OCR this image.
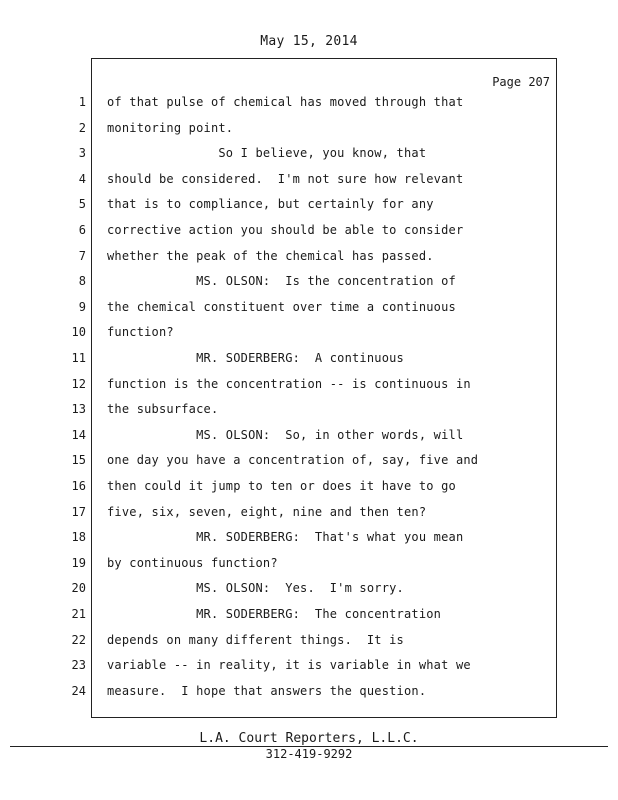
May 15, 2014
Page 207
1 of that pulse of chemical has moved through that
2 monitoring point.
3 So I believe, you know, that
4 should be considered.  I'm not sure how relevant
5 that is to compliance, but certainly for any
6 corrective action you should be able to consider
7 whether the peak of the chemical has passed.
8 MS. OLSON:  Is the concentration of
9 the chemical constituent over time a continuous
10 function?
11 MR. SODERBERG:  A continuous
12 function is the concentration -- is continuous in
13 the subsurface.
14 MS. OLSON:  So, in other words, will
15 one day you have a concentration of, say, five and
16 then could it jump to ten or does it have to go
17 five, six, seven, eight, nine and then ten?
18 MR. SODERBERG:  That's what you mean
19 by continuous function?
20 MS. OLSON:  Yes.  I'm sorry.
21 MR. SODERBERG:  The concentration
22 depends on many different things.  It is
23 variable -- in reality, it is variable in what we
24 measure.  I hope that answers the question.
L.A. Court Reporters, L.L.C.
312-419-9292
